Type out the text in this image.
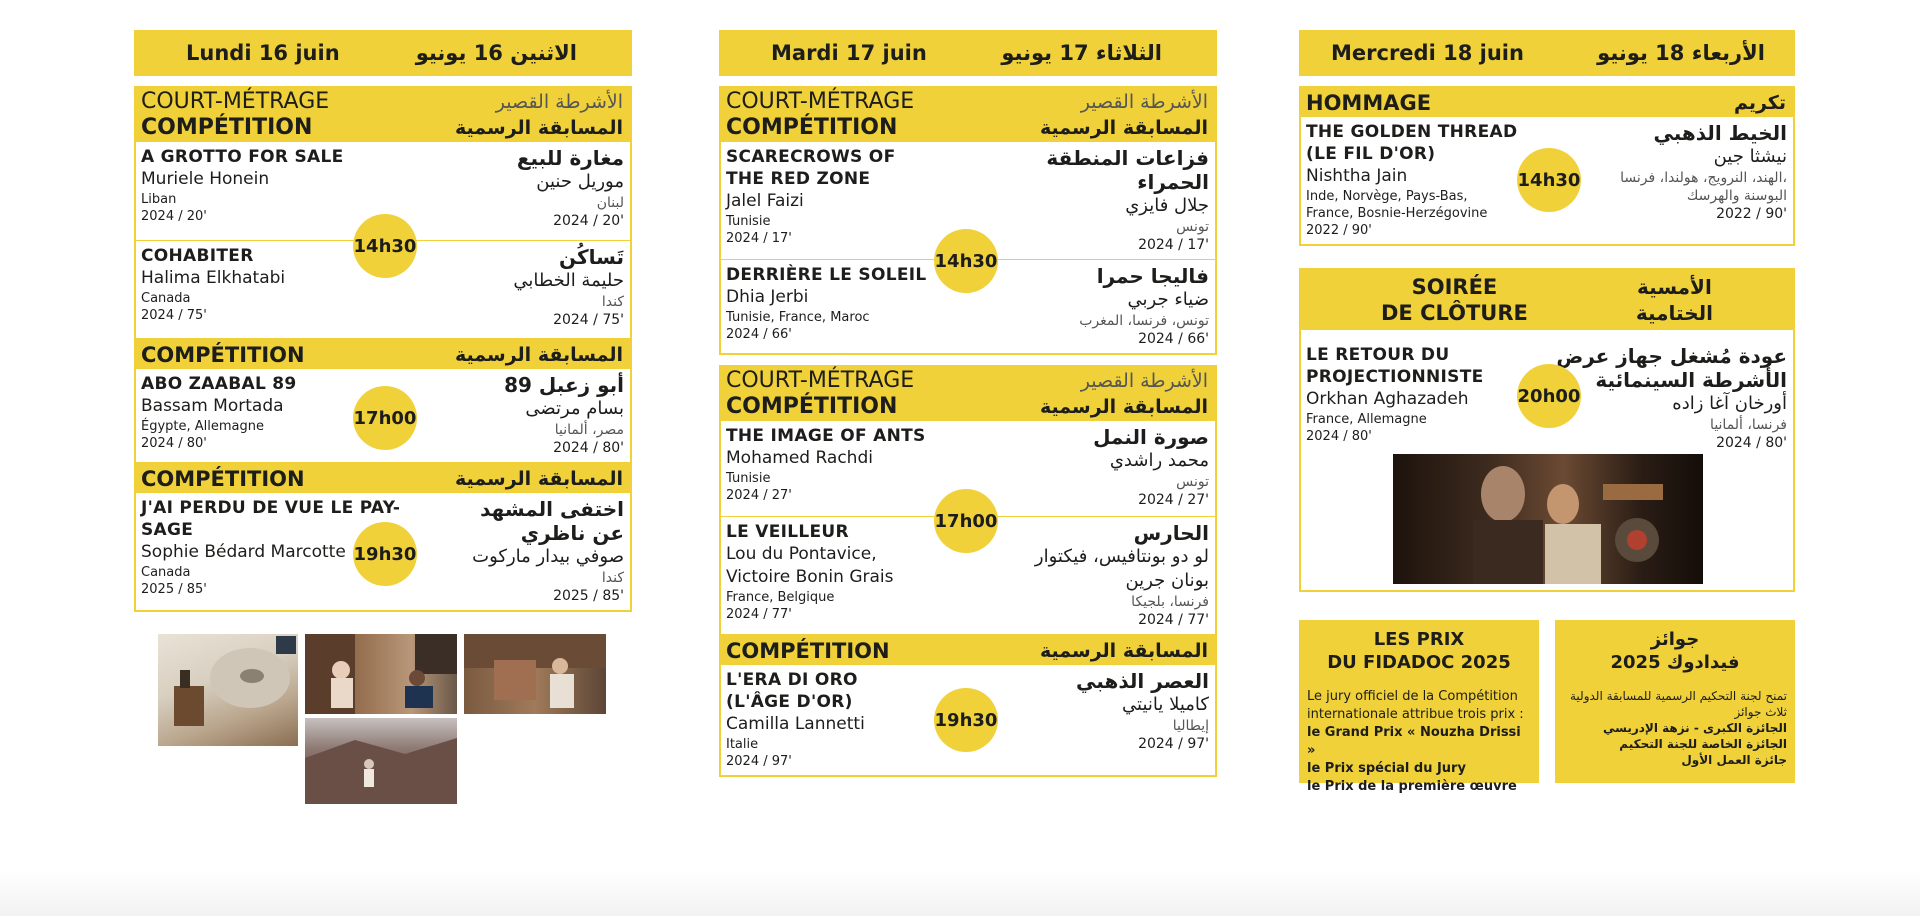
Lundi 16 juin	الاثنين 16 يونيو
COURT-MÉTRAGE
COMPÉTITION
الأشرطة القصير
المسابقة الرسمية
A GROTTO FOR SALE
Muriele Honein
Liban
2024 / 20'
مغارة للبيع
موريل حنين
لبنان
2024 / 20'
COHABITER
Halima Elkhatabi
Canada
2024 / 75'
تَساكُن
حليمة الخطابي
كندا
2024 / 75'
14h30
COMPÉTITION	المسابقة الرسمية
ABO ZAABAL 89
Bassam Mortada
Égypte, Allemagne
2024 / 80'
أبو زعبل 89
بسام مرتضى
مصر، ألمانيا
2024 / 80'
17h00
COMPÉTITION	المسابقة الرسمية
J'AI PERDU DE VUE LE PAY-
SAGE
Sophie Bédard Marcotte
Canada
2025 / 85'
اختفى المشهد
عن ناظري
صوفي بيدار ماركوت
كندا
2025 / 85'
19h30
Mardi 17 juin	الثلاثاء 17 يونيو
COURT-MÉTRAGE
COMPÉTITION
الأشرطة القصير
المسابقة الرسمية
SCARECROWS OF
THE RED ZONE
Jalel Faizi
Tunisie
2024 / 17'
فزاعات المنطقة
الحمراء
جلال فايزي
تونس
2024 / 17'
DERRIÈRE LE SOLEIL
Dhia Jerbi
Tunisie, France, Maroc
2024 / 66'
فاليجا حمرا
ضياء جربي
تونس، فرنسا، المغرب
2024 / 66'
14h30
COURT-MÉTRAGE
COMPÉTITION
الأشرطة القصير
المسابقة الرسمية
THE IMAGE OF ANTS
Mohamed Rachdi
Tunisie
2024 / 27'
صورة النمل
محمد راشدي
تونس
2024 / 27'
LE VEILLEUR
Lou du Pontavice,
Victoire Bonin Grais
France, Belgique
2024 / 77'
الحارس
لو دو بونتافيس، فيكتوار
بونان جرين
فرنسا، بلجيكا
2024 / 77'
17h00
COMPÉTITION	المسابقة الرسمية
L'ERA DI ORO
(L'ÂGE D'OR)
Camilla Lannetti
Italie
2024 / 97'
العصر الذهبي
كاميلا يانيتي
إيطاليا
2024 / 97'
19h30
Mercredi 18 juin	الأربعاء 18 يونيو
HOMMAGE	تكريم
THE GOLDEN THREAD
(LE FIL D'OR)
Nishtha Jain
Inde, Norvège, Pays-Bas,
France, Bosnie-Herzégovine
2022 / 90'
الخيط الذهبي
نيشثا جين
الهند، النرويج، هولندا، فرنسا،
البوسنة والهرسك
2022 / 90'
14h30
SOIRÉE
DE CLÔTURE
الأمسية
الختامية
LE RETOUR DU
PROJECTIONNISTE
Orkhan Aghazadeh
France, Allemagne
2024 / 80'
عودة مُشغل جهاز عرض
الأشرطة السينمائية
أورخان آغا زاده
فرنسا، ألمانيا
2024 / 80'
20h00
LES PRIX
DU FIDADOC 2025

Le jury officiel de la Compétition internationale attribue trois prix :
le Grand Prix « Nouzha Drissi »
le Prix spécial du Jury
le Prix de la première œuvre

جوائز
فيدادوك 2025

تمنح لجنة التحكيم الرسمية للمسابقة الدولية ثلاث جوائز
الجائزة الكبرى - نزهة الإدريسي
الجائزة الخاصة للجنة التحكيم
جائزة العمل الأول
